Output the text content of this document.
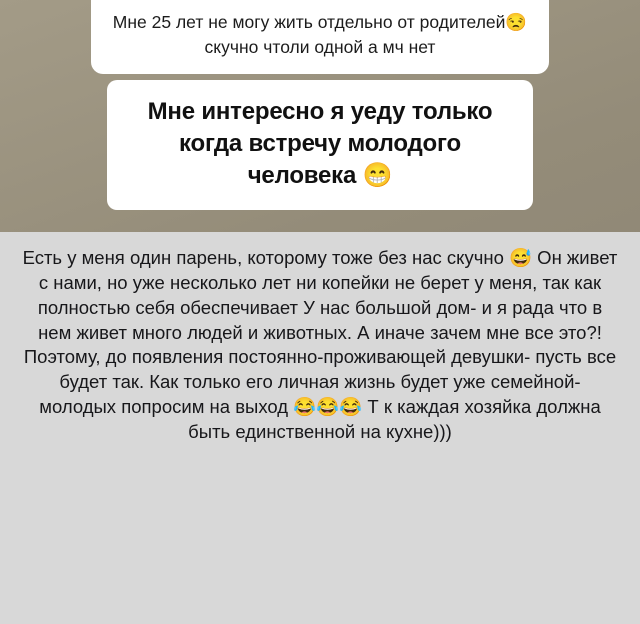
Мне 25 лет не могу жить отдельно от родителей😒 скучно чтоли одной а мч нет

Мне интересно я уеду только когда встречу молодого человека 😁

Есть у меня один парень, которому тоже без нас скучно 😅 Он живет с нами, но уже несколько лет ни копейки не берет у меня, так как полностью себя обеспечивает У нас большой дом- и я рада что в нем живет много людей и животных. А иначе зачем мне все это?! Поэтому, до появления постоянно-проживающей девушки- пусть все будет так. Как только его личная жизнь будет уже семейной- молодых попросим на выход 😂😂😂 Т к каждая хозяйка должна быть единственной на кухне)))
